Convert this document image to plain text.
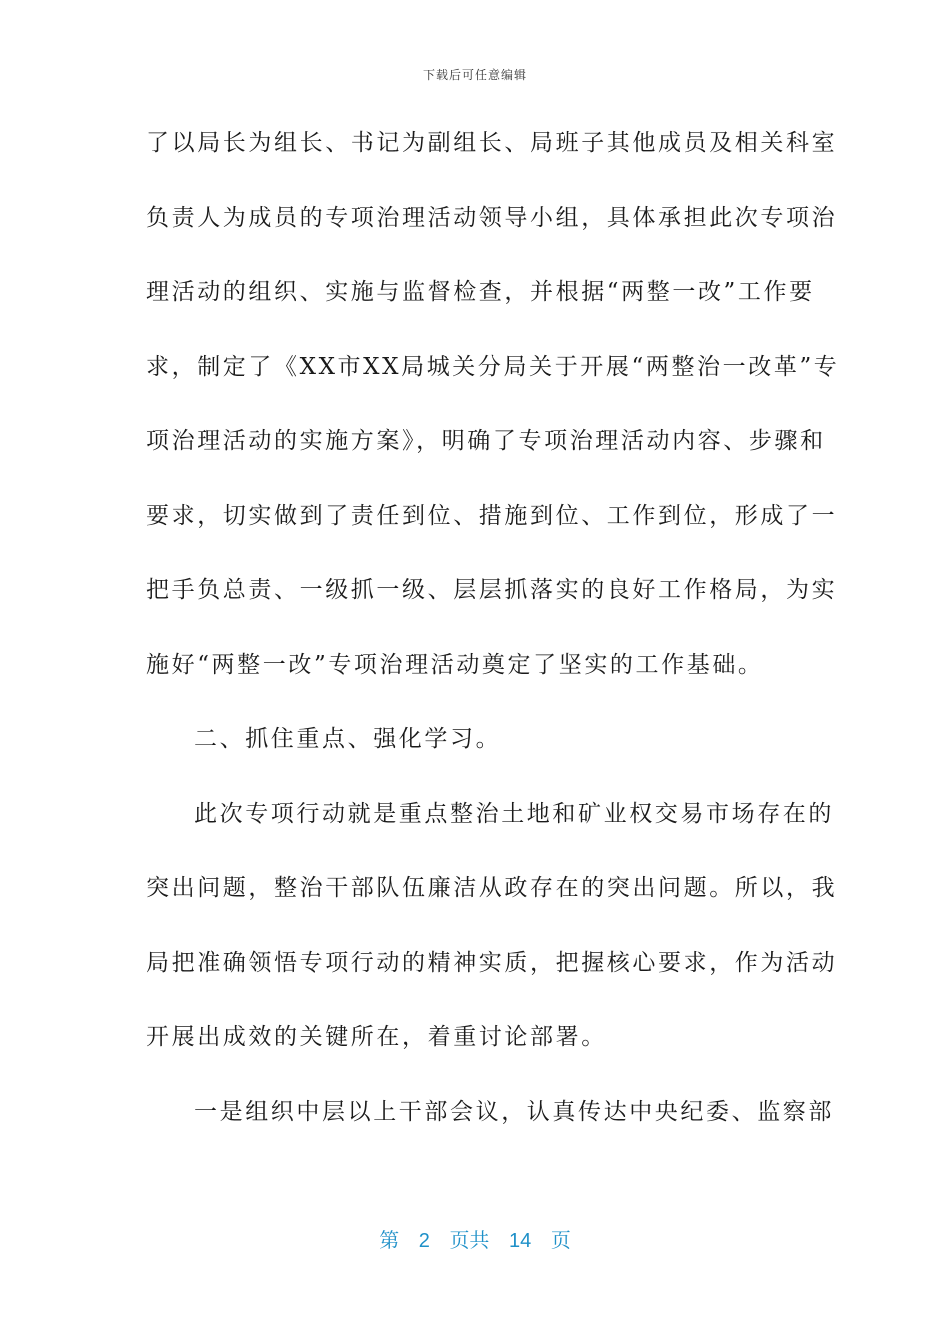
下载后可任意编辑
了以局长为组长、书记为副组长、局班子其他成员及相关科室
负责人为成员的专项治理活动领导小组，具体承担此次专项治
理活动的组织、实施与监督检查，并根据“两整一改”工作要
求，制定了《XX市XX局城关分局关于开展“两整治一改革”专
项治理活动的实施方案》，明确了专项治理活动内容、步骤和
要求，切实做到了责任到位、措施到位、工作到位，形成了一
把手负总责、一级抓一级、层层抓落实的良好工作格局，为实
施好“两整一改”专项治理活动奠定了坚实的工作基础。
二、抓住重点、强化学习。
此次专项行动就是重点整治土地和矿业权交易市场存在的
突出问题，整治干部队伍廉洁从政存在的突出问题。所以，我
局把准确领悟专项行动的精神实质，把握核心要求，作为活动
开展出成效的关键所在，着重讨论部署。
一是组织中层以上干部会议，认真传达中央纪委、监察部
第 2 页共 14 页
